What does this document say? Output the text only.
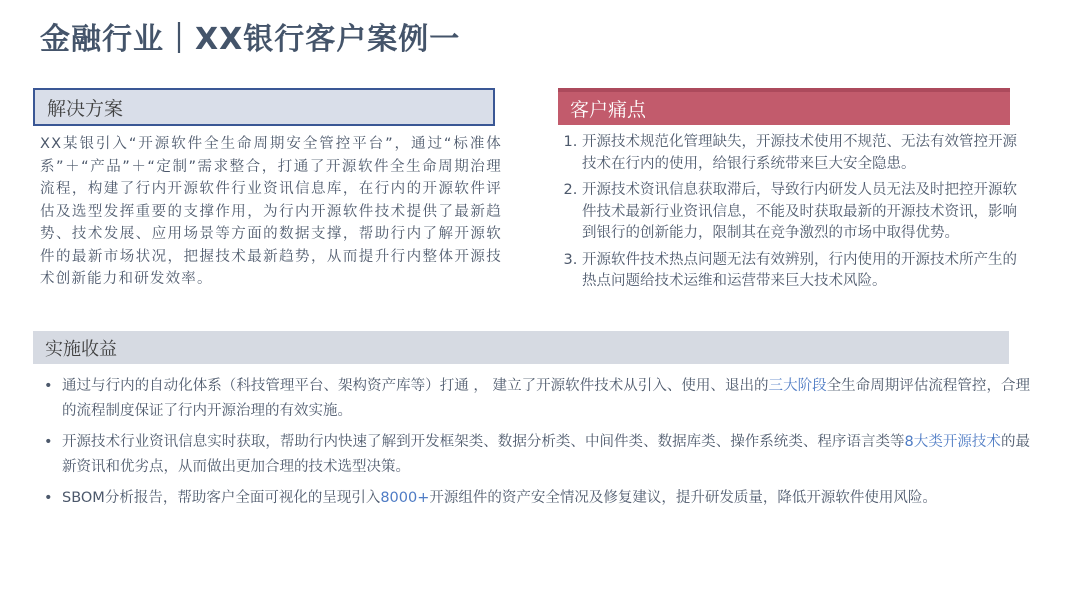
金融行业｜XX银行客户案例一
解决方案

XX某银引入“开源软件全生命周期安全管控平台”，通过“标准体系”＋“产品”＋“定制”需求整合，打通了开源软件全生命周期治理流程，构建了行内开源软件行业资讯信息库，在行内的开源软件评估及选型发挥重要的支撑作用，为行内开源软件技术提供了最新趋势、技术发展、应用场景等方面的数据支撑，帮助行内了解开源软件的最新市场状况，把握技术最新趋势，从而提升行内整体开源技术创新能力和研发效率。

客户痛点
1. 开源技术规范化管理缺失，开源技术使用不规范、无法有效管控开源技术在行内的使用，给银行系统带来巨大安全隐患。
2. 开源技术资讯信息获取滞后，导致行内研发人员无法及时把控开源软件技术最新行业资讯信息，不能及时获取最新的开源技术资讯，影响到银行的创新能力，限制其在竞争激烈的市场中取得优势。
3. 开源软件技术热点问题无法有效辨别，行内使用的开源技术所产生的热点问题给技术运维和运营带来巨大技术风险。
实施收益
• 通过与行内的自动化体系（科技管理平台、架构资产库等）打通 ， 建立了开源软件技术从引入、使用、退出的三大阶段全生命周期评估流程管控，合理的流程制度保证了行内开源治理的有效实施。
• 开源技术行业资讯信息实时获取，帮助行内快速了解到开发框架类、数据分析类、中间件类、数据库类、操作系统类、程序语言类等8大类开源技术的最新资讯和优劣点，从而做出更加合理的技术选型决策。
• SBOM分析报告，帮助客户全面可视化的呈现引入8000+开源组件的资产安全情况及修复建议，提升研发质量，降低开源软件使用风险。
